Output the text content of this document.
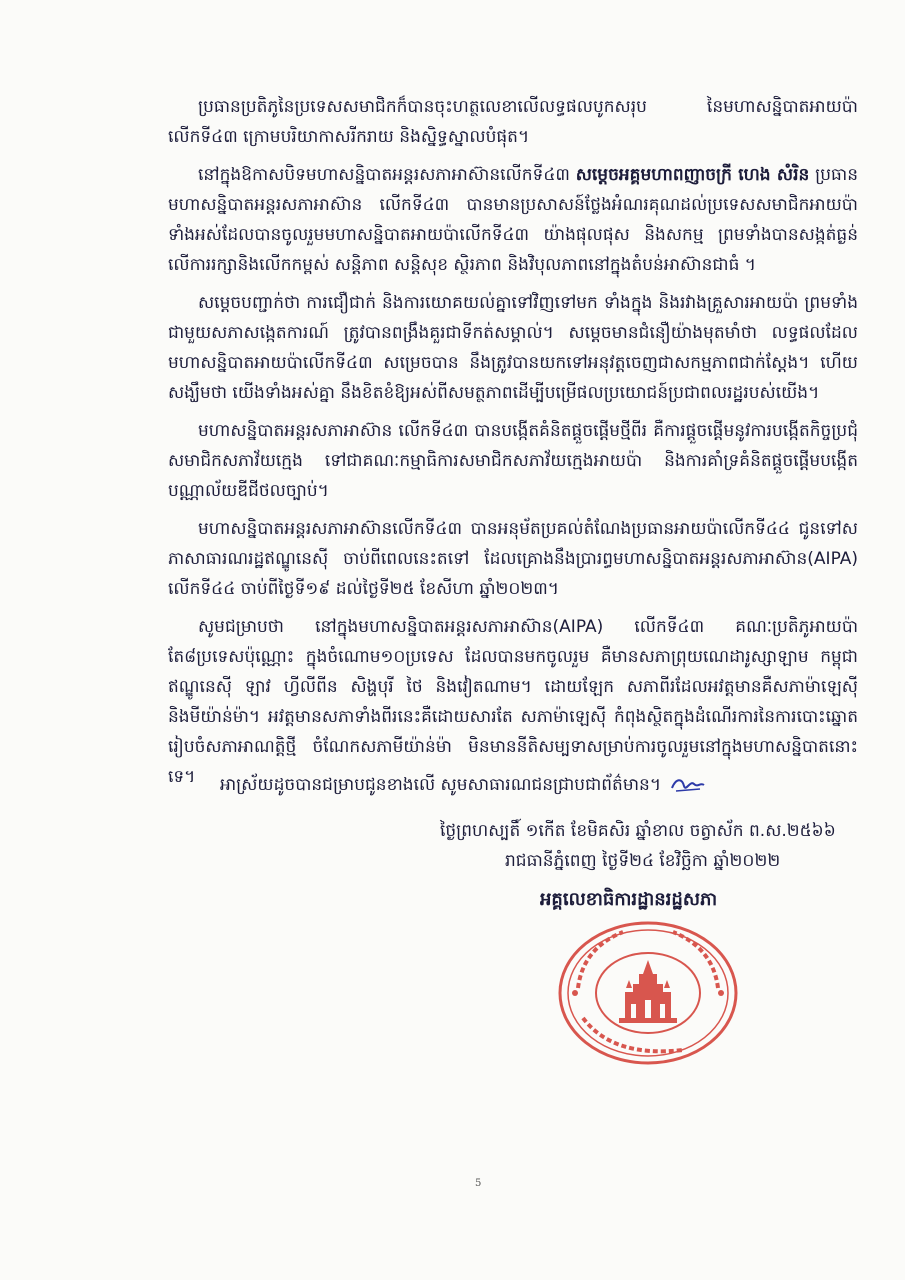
ប្រធានប្រតិភូនៃប្រទេសសមាជិកក៏បានចុះហត្ថលេខាលើលទ្ធផលបូកសរុប នៃមហាសន្និបាតអាយប៉ាលើកទី៤៣ ក្រោមបរិយាកាសរីករាយ និងស្និទ្ធស្នាលបំផុត។

នៅក្នុងឱកាសបិទមហាសន្និបាតអន្តរសភាអាស៊ានលើកទី៤៣ សម្តេចអគ្គមហាពញាចក្រី ហេង សំរិន ប្រធានមហាសន្និបាតអន្តរសភាអាស៊ាន លើកទី៤៣ បានមានប្រសាសន៍ថ្លែងអំណរគុណដល់ប្រទេសសមាជិកអាយប៉ាទាំងអស់ដែលបានចូលរួមមហាសន្និបាតអាយប៉ាលើកទី៤៣ យ៉ាងផុលផុស និងសកម្ម ព្រមទាំងបានសង្កត់ធ្ងន់លើការរក្សានិងលើកកម្ពស់ សន្តិភាព សន្តិសុខ ស្ថិរភាព និងវិបុលភាពនៅក្នុងតំបន់អាស៊ានជាធំ ។

សម្តេចបញ្ជាក់ថា ការជឿជាក់ និងការយោគយល់គ្នាទៅវិញទៅមក ទាំងក្នុង និងរវាងគ្រួសារអាយប៉ា ព្រមទាំងជាមួយសភាសង្កេតការណ៍ ត្រូវបានពង្រឹងគួរជាទីកត់សម្គាល់។ សម្តេចមានជំនឿយ៉ាងមុតមាំថា លទ្ធផលដែលមហាសន្និបាតអាយប៉ាលើកទី៤៣ សម្រេចបាន នឹងត្រូវបានយកទៅអនុវត្តចេញជាសកម្មភាពជាក់ស្តែង។ ហើយសង្ឃឹមថា យើងទាំងអស់គ្នា នឹងខិតខំឱ្យអស់ពីសមត្ថភាពដើម្បីបម្រើផលប្រយោជន៍ប្រជាពលរដ្ឋរបស់យើង។

មហាសន្និបាតអន្តរសភាអាស៊ាន លើកទី៤៣ បានបង្កើតគំនិតផ្តួចផ្តើមថ្មីពីរ គឺការផ្តួចផ្តើមនូវការបង្កើតកិច្ចប្រជុំសមាជិកសភាវ័យក្មេង ទៅជាគណៈកម្មាធិការសមាជិកសភាវ័យក្មេងអាយប៉ា និងការគាំទ្រគំនិតផ្តួចផ្តើមបង្កើតបណ្ណាល័យឌីជីថលច្បាប់។

មហាសន្និបាតអន្តរសភាអាស៊ានលើកទី៤៣ បានអនុម័តប្រគល់តំណែងប្រធានអាយប៉ាលើកទី៤៤ ជូនទៅសភាសាធារណរដ្ឋឥណ្ឌូនេស៊ី ចាប់ពីពេលនេះតទៅ ដែលគ្រោងនឹងប្រារព្ធមហាសន្និបាតអន្តរសភាអាស៊ាន(AIPA) លើកទី៤៤ ចាប់ពីថ្ងៃទី១៩ ដល់ថ្ងៃទី២៥ ខែសីហា ឆ្នាំ២០២៣។

សូមជម្រាបថា នៅក្នុងមហាសន្និបាតអន្តរសភាអាស៊ាន(AIPA) លើកទី៤៣ គណៈប្រតិភូអាយប៉ា តែ៨ប្រទេសប៉ុណ្ណោះ ក្នុងចំណោម១០ប្រទេស ដែលបានមកចូលរួម គឺមានសភាព្រុយណេដារូស្សាឡាម កម្ពុជា ឥណ្ឌូនេស៊ី ឡាវ ហ្វីលីពីន សិង្ហបុរី ថៃ និងវៀតណាម។ ដោយឡែក សភាពីរដែលអវត្តមានគឺសភាម៉ាឡេស៊ី និងមីយ៉ាន់ម៉ា។ អវត្តមានសភាទាំងពីរនេះគឺដោយសារតែ សភាម៉ាឡេស៊ី កំពុងស្ថិតក្នុងដំណើរការនៃការបោះឆ្នោតរៀបចំសភាអាណត្តិថ្មី ចំណែកសភាមីយ៉ាន់ម៉ា មិនមាននីតិសម្បទាសម្រាប់ការចូលរួមនៅក្នុងមហាសន្និបាតនោះទេ។	អាស្រ័យដូចបានជម្រាបជូនខាងលើ សូមសាធារណជនជ្រាបជាព័ត៌មាន។
ថ្ងៃព្រហស្បតិ៍ ១កើត ខែមិគសិរ ឆ្នាំខាល ចត្វាស័ក ព.ស.២៥៦៦
រាជធានីភ្នំពេញ ថ្ងៃទី២៤ ខែវិច្ឆិកា ឆ្នាំ២០២២
អគ្គលេខាធិការដ្ឋានរដ្ឋសភា
5
